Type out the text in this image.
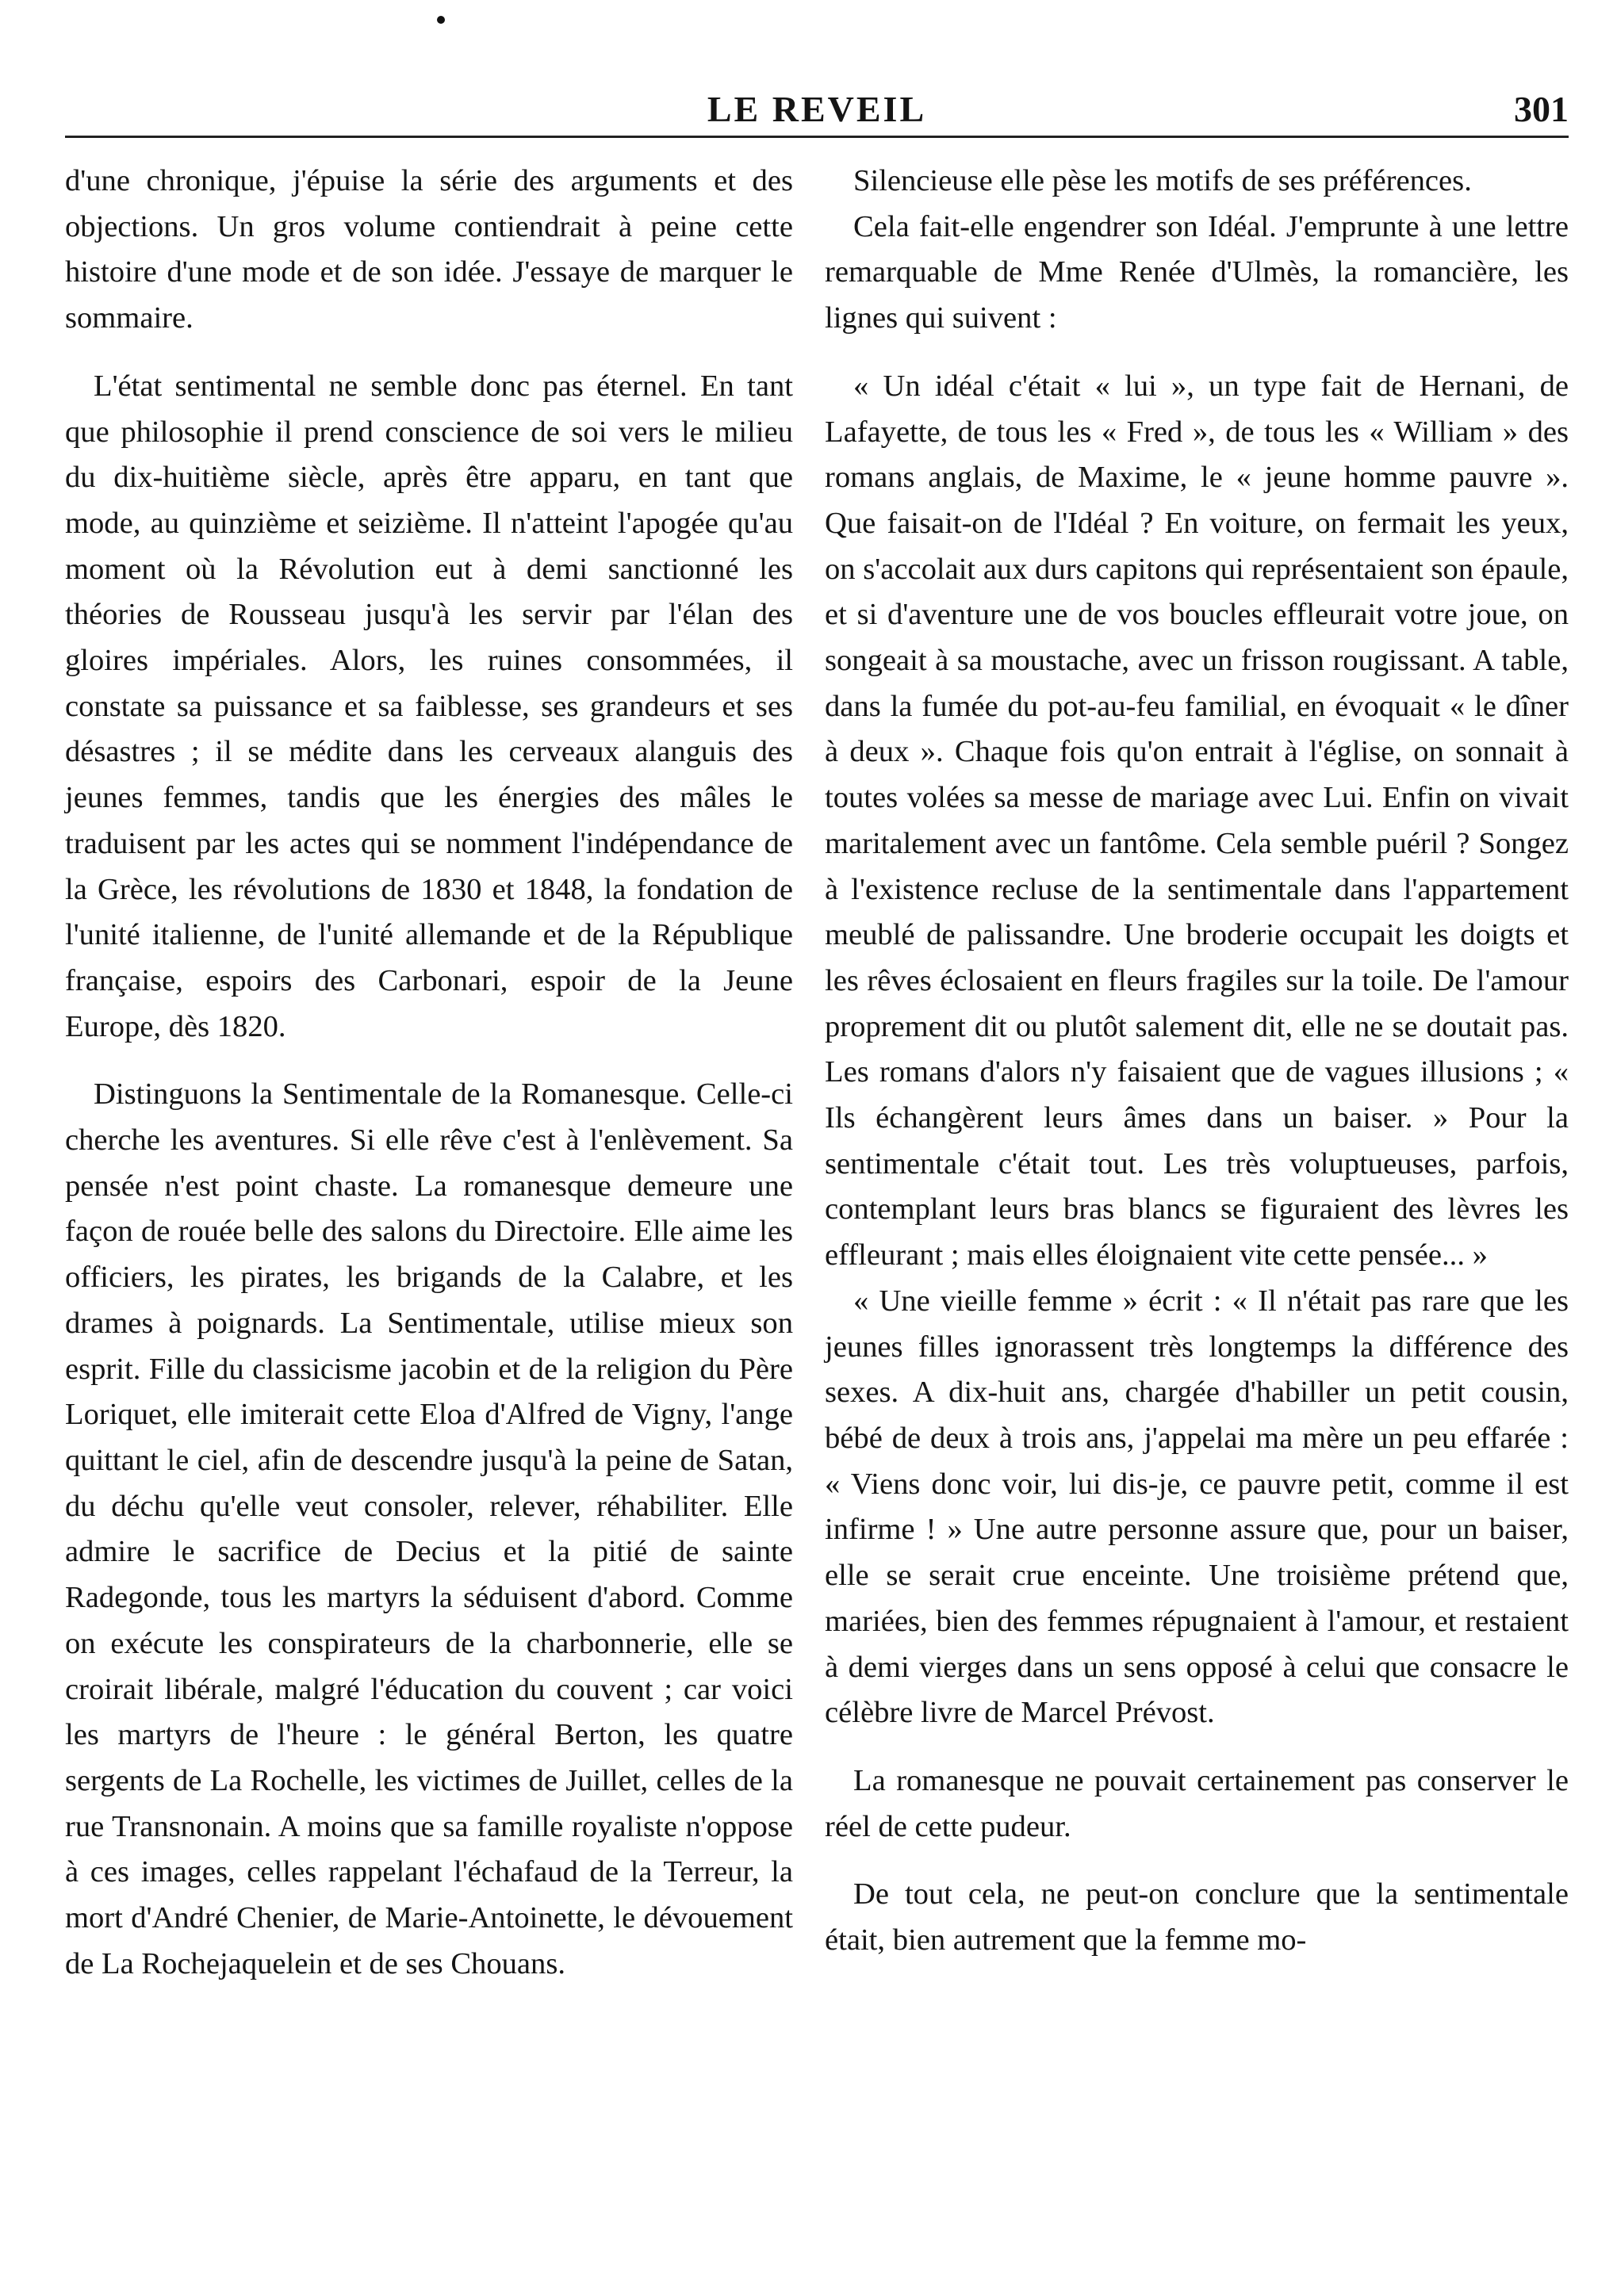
LE REVEIL	301

d'une chronique, j'épuise la série des arguments et des objections. Un gros volume contiendrait à peine cette histoire d'une mode et de son idée. J'essaye de marquer le sommaire.

L'état sentimental ne semble donc pas éternel. En tant que philosophie il prend conscience de soi vers le milieu du dix-huitième siècle, après être apparu, en tant que mode, au quinzième et seizième. Il n'atteint l'apogée qu'au moment où la Révolution eut à demi sanctionné les théories de Rousseau jusqu'à les servir par l'élan des gloires impériales. Alors, les ruines consommées, il constate sa puissance et sa faiblesse, ses grandeurs et ses désastres ; il se médite dans les cerveaux alanguis des jeunes femmes, tandis que les énergies des mâles le traduisent par les actes qui se nomment l'indépendance de la Grèce, les révolutions de 1830 et 1848, la fondation de l'unité italienne, de l'unité allemande et de la République française, espoirs des Carbonari, espoir de la Jeune Europe, dès 1820.

Distinguons la Sentimentale de la Romanesque. Celle-ci cherche les aventures. Si elle rêve c'est à l'enlèvement. Sa pensée n'est point chaste. La romanesque demeure une façon de rouée belle des salons du Directoire. Elle aime les officiers, les pirates, les brigands de la Calabre, et les drames à poignards. La Sentimentale, utilise mieux son esprit. Fille du classicisme jacobin et de la religion du Père Loriquet, elle imiterait cette Eloa d'Alfred de Vigny, l'ange quittant le ciel, afin de descendre jusqu'à la peine de Satan, du déchu qu'elle veut consoler, relever, réhabiliter. Elle admire le sacrifice de Decius et la pitié de sainte Radegonde, tous les martyrs la séduisent d'abord. Comme on exécute les conspirateurs de la charbonnerie, elle se croirait libérale, malgré l'éducation du couvent ; car voici les martyrs de l'heure : le général Berton, les quatre sergents de La Rochelle, les victimes de Juillet, celles de la rue Transnonain. A moins que sa famille royaliste n'oppose à ces images, celles rappelant l'échafaud de la Terreur, la mort d'André Chenier, de Marie-Antoinette, le dévouement de La Rochejaquelein et de ses Chouans.

Silencieuse elle pèse les motifs de ses préférences.

Cela fait-elle engendrer son Idéal. J'emprunte à une lettre remarquable de Mme Renée d'Ulmès, la romancière, les lignes qui suivent :

« Un idéal c'était « lui », un type fait de Hernani, de Lafayette, de tous les « Fred », de tous les « William » des romans anglais, de Maxime, le « jeune homme pauvre ». Que faisait-on de l'Idéal ? En voiture, on fermait les yeux, on s'accolait aux durs capitons qui représentaient son épaule, et si d'aventure une de vos boucles effleurait votre joue, on songeait à sa moustache, avec un frisson rougissant. A table, dans la fumée du pot-au-feu familial, en évoquait « le dîner à deux ». Chaque fois qu'on entrait à l'église, on sonnait à toutes volées sa messe de mariage avec Lui. Enfin on vivait maritalement avec un fantôme. Cela semble puéril ? Songez à l'existence recluse de la sentimentale dans l'appartement meublé de palissandre. Une broderie occupait les doigts et les rêves éclosaient en fleurs fragiles sur la toile. De l'amour proprement dit ou plutôt salement dit, elle ne se doutait pas. Les romans d'alors n'y faisaient que de vagues illusions ; « Ils échangèrent leurs âmes dans un baiser. » Pour la sentimentale c'était tout. Les très voluptueuses, parfois, contemplant leurs bras blancs se figuraient des lèvres les effleurant ; mais elles éloignaient vite cette pensée... »

« Une vieille femme » écrit : « Il n'était pas rare que les jeunes filles ignorassent très longtemps la différence des sexes. A dix-huit ans, chargée d'habiller un petit cousin, bébé de deux à trois ans, j'appelai ma mère un peu effarée : « Viens donc voir, lui dis-je, ce pauvre petit, comme il est infirme ! » Une autre personne assure que, pour un baiser, elle se serait crue enceinte. Une troisième prétend que, mariées, bien des femmes répugnaient à l'amour, et restaient à demi vierges dans un sens opposé à celui que consacre le célèbre livre de Marcel Prévost.

La romanesque ne pouvait certainement pas conserver le réel de cette pudeur.

De tout cela, ne peut-on conclure que la sentimentale était, bien autrement que la femme mo-
